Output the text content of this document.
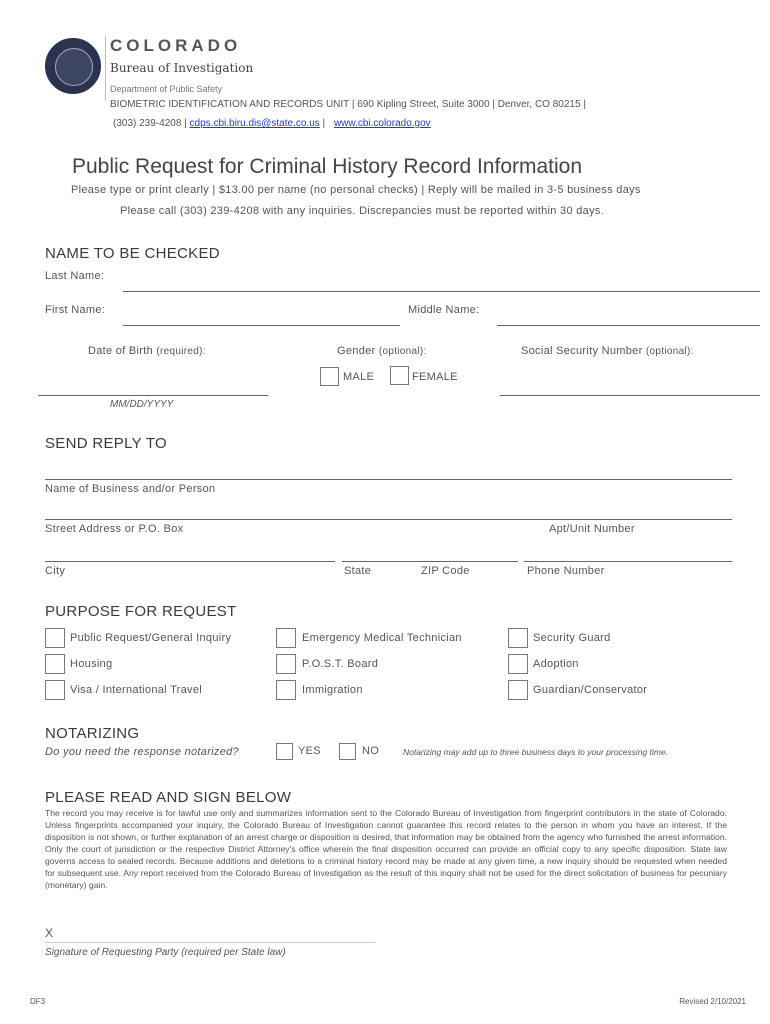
COLORADO
Bureau of Investigation
Department of Public Safety
BIOMETRIC IDENTIFICATION AND RECORDS UNIT | 690 Kipling Street, Suite 3000 | Denver, CO 80215 |
(303) 239-4208 | cdps.cbi.biru.dis@state.co.us | www.cbi.colorado.gov
Public Request for Criminal History Record Information
Please type or print clearly | $13.00 per name (no personal checks) | Reply will be mailed in 3-5 business days
Please call (303) 239-4208 with any inquiries. Discrepancies must be reported within 30 days.
NAME TO BE CHECKED
Last Name:
First Name:	Middle Name:
Date of Birth (required):	Gender (optional):	Social Security Number (optional):
MALE	FEMALE
MM/DD/YYYY
SEND REPLY TO
Name of Business and/or Person
Street Address or P.O. Box	Apt/Unit Number
City	State	ZIP Code	Phone Number
PURPOSE FOR REQUEST
Public Request/General Inquiry	Emergency Medical Technician	Security Guard
Housing	P.O.S.T. Board	Adoption
Visa / International Travel	Immigration	Guardian/Conservator
NOTARIZING
Do you need the response notarized?	YES	NO	Notarizing may add up to three business days to your processing time.
PLEASE READ AND SIGN BELOW
The record you may receive is for lawful use only and summarizes information sent to the Colorado Bureau of Investigation from fingerprint contributors in the state of Colorado. Unless fingerprints accompanied your inquiry, the Colorado Bureau of Investigation cannot guarantee this record relates to the person in whom you have an interest. If the disposition is not shown, or further explanation of an arrest charge or disposition is desired, that information may be obtained from the agency who furnished the arrest information. Only the court of jurisdiction or the respective District Attorney's office wherein the final disposition occurred can provide an official copy to any specific disposition. State law governs access to sealed records. Because additions and deletions to a criminal history record may be made at any given time, a new inquiry should be requested when needed for subsequent use. Any report received from the Colorado Bureau of Investigation as the result of this inquiry shall not be used for the direct solicitation of business for pecuniary (monetary) gain.
X
Signature of Requesting Party (required per State law)
DF3	Revised 2/10/2021
